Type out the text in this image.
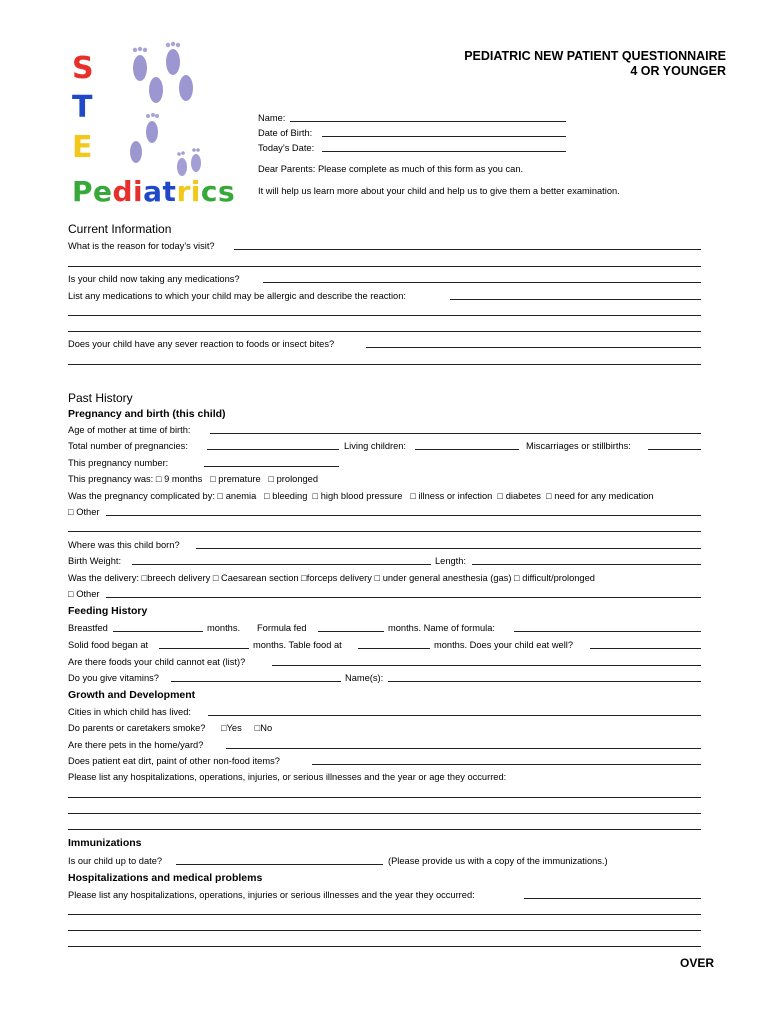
S
T
E
Pediatrics
PEDIATRIC NEW PATIENT QUESTIONNAIRE
4 OR YOUNGER
Name:
Date of Birth:
Today’s Date:
Dear Parents: Please complete as much of this form as you can.
It will help us learn more about your child and help us to give them a better examination.
Current Information
What is the reason for today’s visit?
Is your child now taking any medications?
List any medications to which your child may be allergic and describe the reaction:
Does your child have any sever reaction to foods or insect bites?
Past History
Pregnancy and birth (this child)
Age of mother at time of birth:
Total number of pregnancies:	Living children:	Miscarriages or stillbirths:
This pregnancy number:
This pregnancy was: □ 9 months □ premature □ prolonged
Was the pregnancy complicated by: □ anemia □ bleeding □ high blood pressure □ illness or infection □ diabetes □ need for any medication
□ Other
Where was this child born?
Birth Weight:	Length:
Was the delivery: □breech delivery □ Caesarean section □forceps delivery □ under general anesthesia (gas) □ difficult/prolonged
□ Other
Feeding History
Breastfed	months. Formula fed	months. Name of formula:
Solid food began at	months. Table food at	months. Does your child eat well?
Are there foods your child cannot eat (list)?
Do you give vitamins?	Name(s):
Growth and Development
Cities in which child has lived:
Do parents or caretakers smoke? □Yes □No
Are there pets in the home/yard?
Does patient eat dirt, paint of other non-food items?
Please list any hospitalizations, operations, injuries, or serious illnesses and the year or age they occurred:
Immunizations
Is our child up to date?	(Please provide us with a copy of the immunizations.)
Hospitalizations and medical problems
Please list any hospitalizations, operations, injuries or serious illnesses and the year they occurred:
OVER
